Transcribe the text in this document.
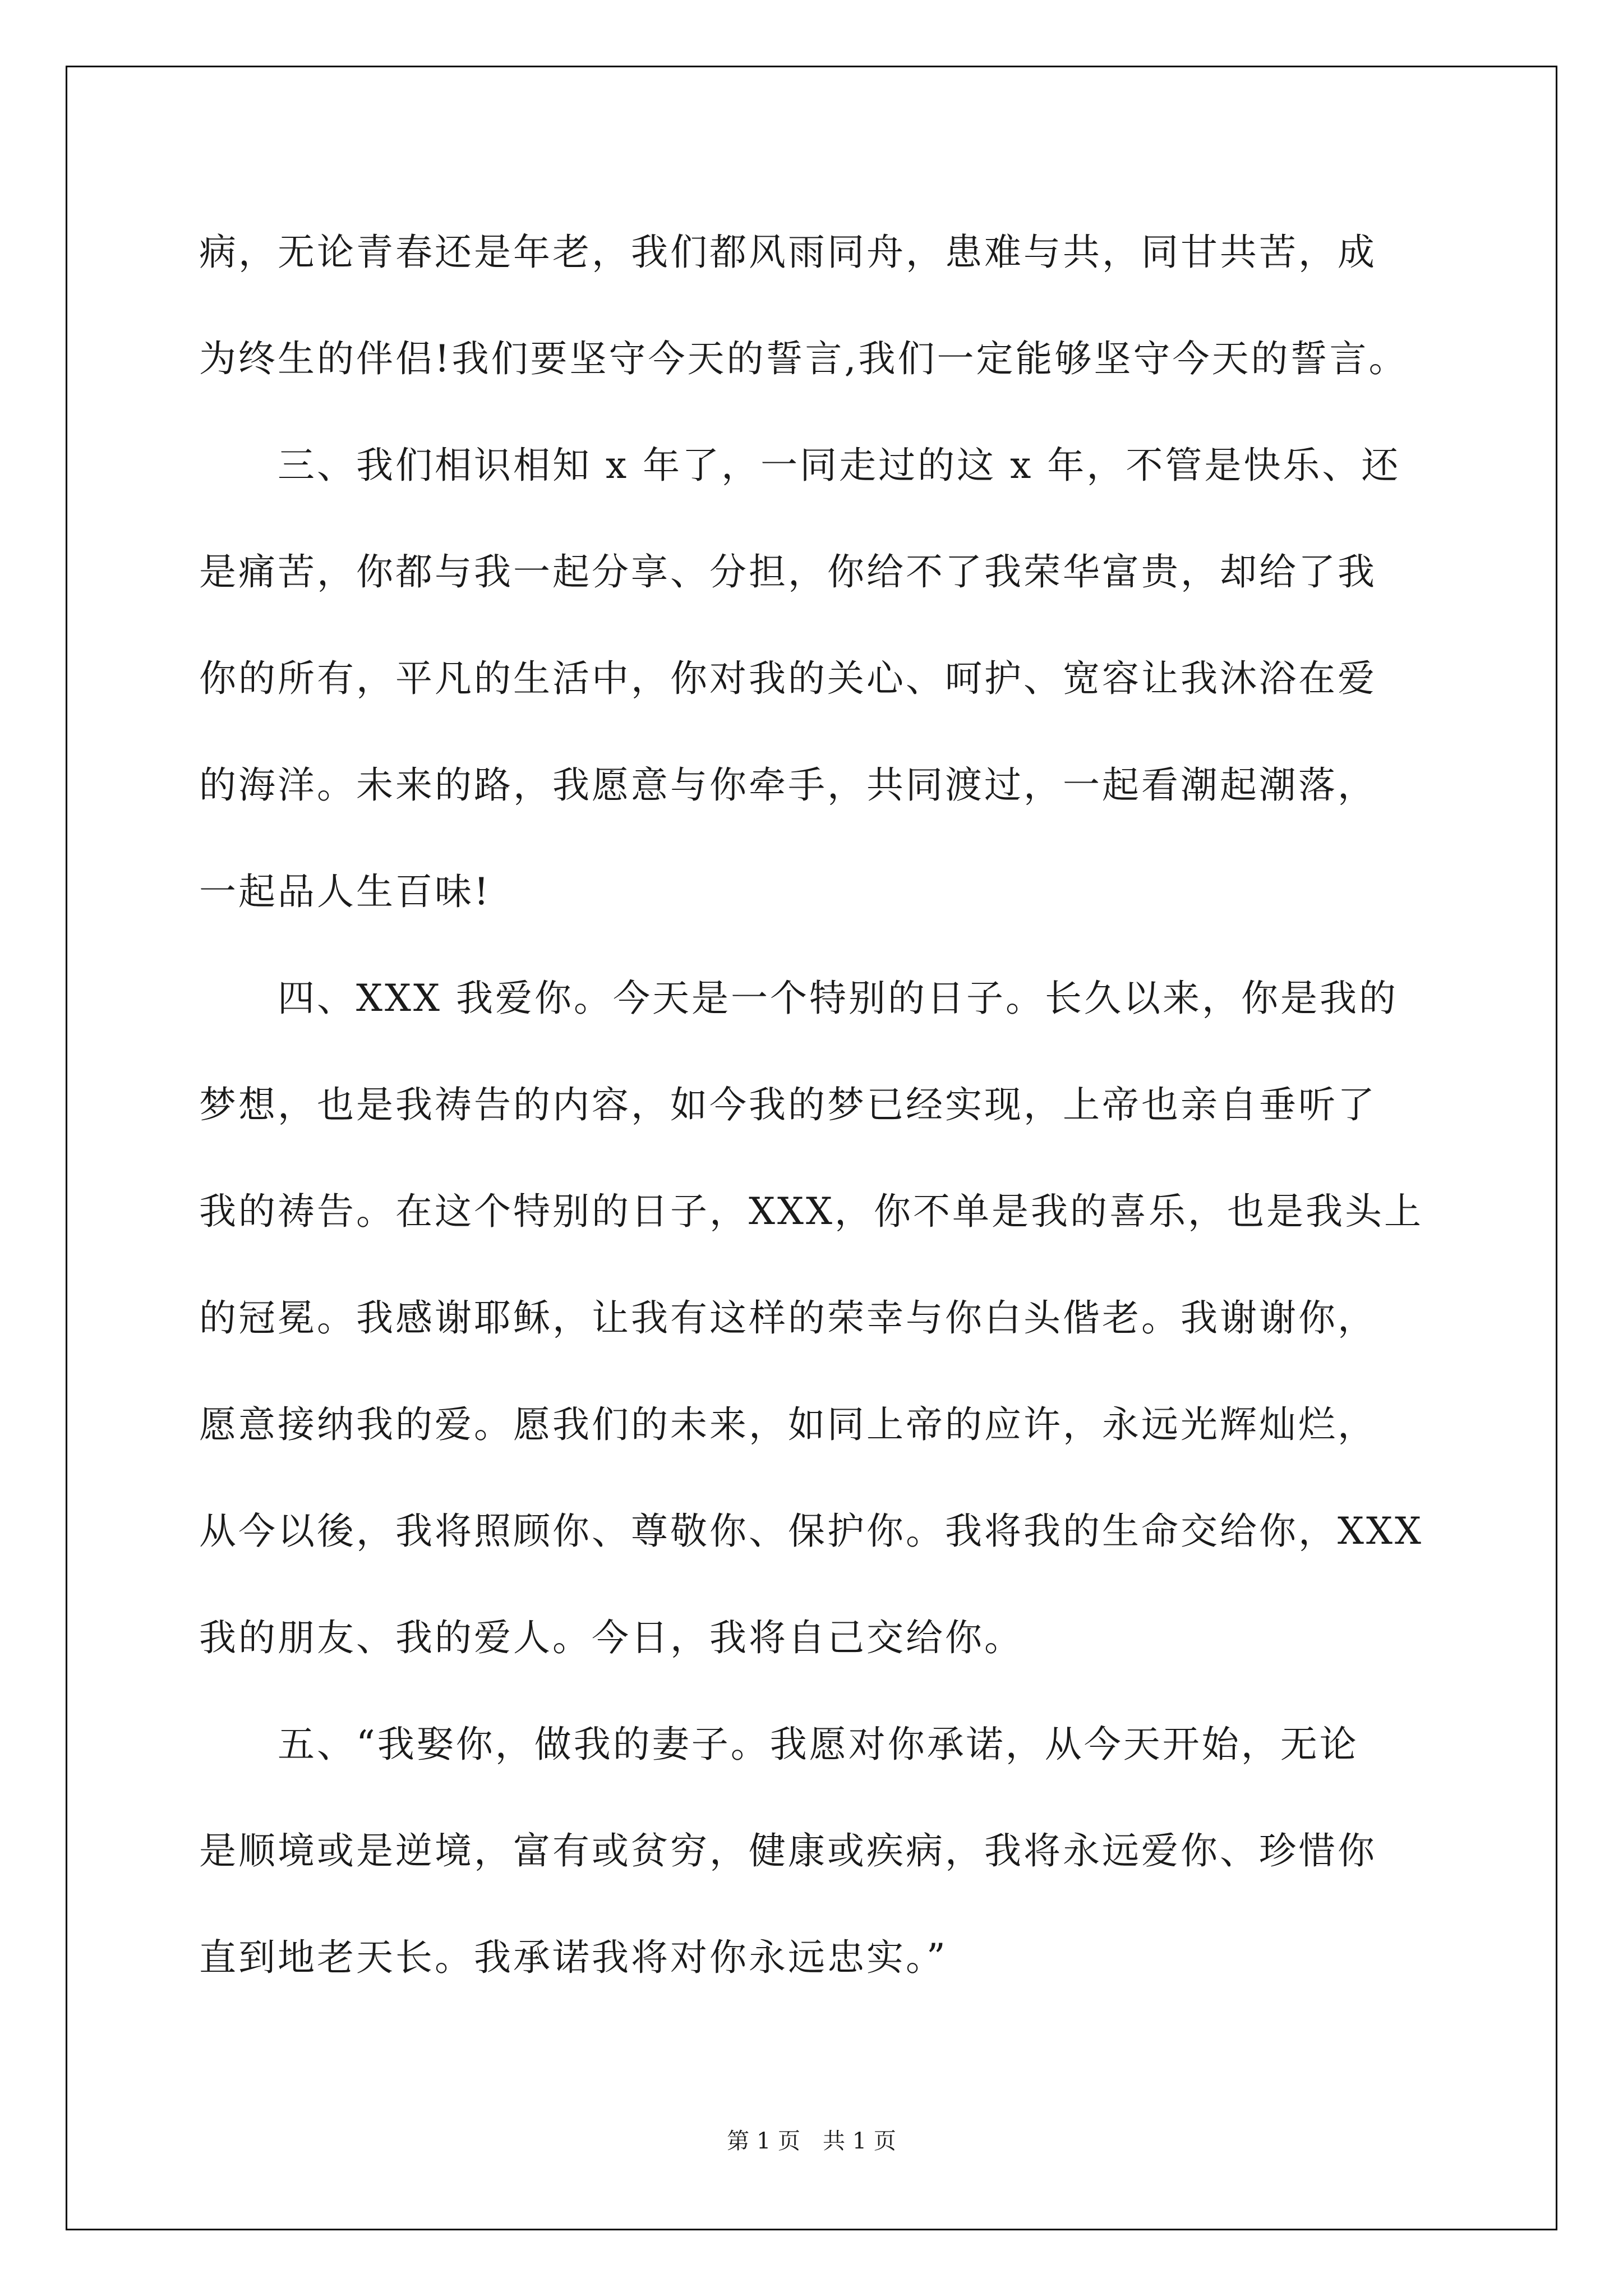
病，无论青春还是年老，我们都风雨同舟，患难与共，同甘共苦，成
为终生的伴侣!我们要坚守今天的誓言,我们一定能够坚守今天的誓言。
　　三、我们相识相知 x 年了，一同走过的这 x 年，不管是快乐、还
是痛苦，你都与我一起分享、分担，你给不了我荣华富贵，却给了我
你的所有，平凡的生活中，你对我的关心、呵护、宽容让我沐浴在爱
的海洋。未来的路，我愿意与你牵手，共同渡过，一起看潮起潮落，
一起品人生百味!
　　四、XXX 我爱你。今天是一个特别的日子。长久以来，你是我的
梦想，也是我祷告的内容，如今我的梦已经实现，上帝也亲自垂听了
我的祷告。在这个特别的日子，XXX，你不单是我的喜乐，也是我头上
的冠冕。我感谢耶稣，让我有这样的荣幸与你白头偕老。我谢谢你，
愿意接纳我的爱。愿我们的未来，如同上帝的应许，永远光辉灿烂，
从今以後，我将照顾你、尊敬你、保护你。我将我的生命交给你，XXX
我的朋友、我的爱人。今日，我将自己交给你。
　　五、“我娶你，做我的妻子。我愿对你承诺，从今天开始，无论
是顺境或是逆境，富有或贫穷，健康或疾病，我将永远爱你、珍惜你
直到地老天长。我承诺我将对你永远忠实。”
第 1 页　共 1 页
